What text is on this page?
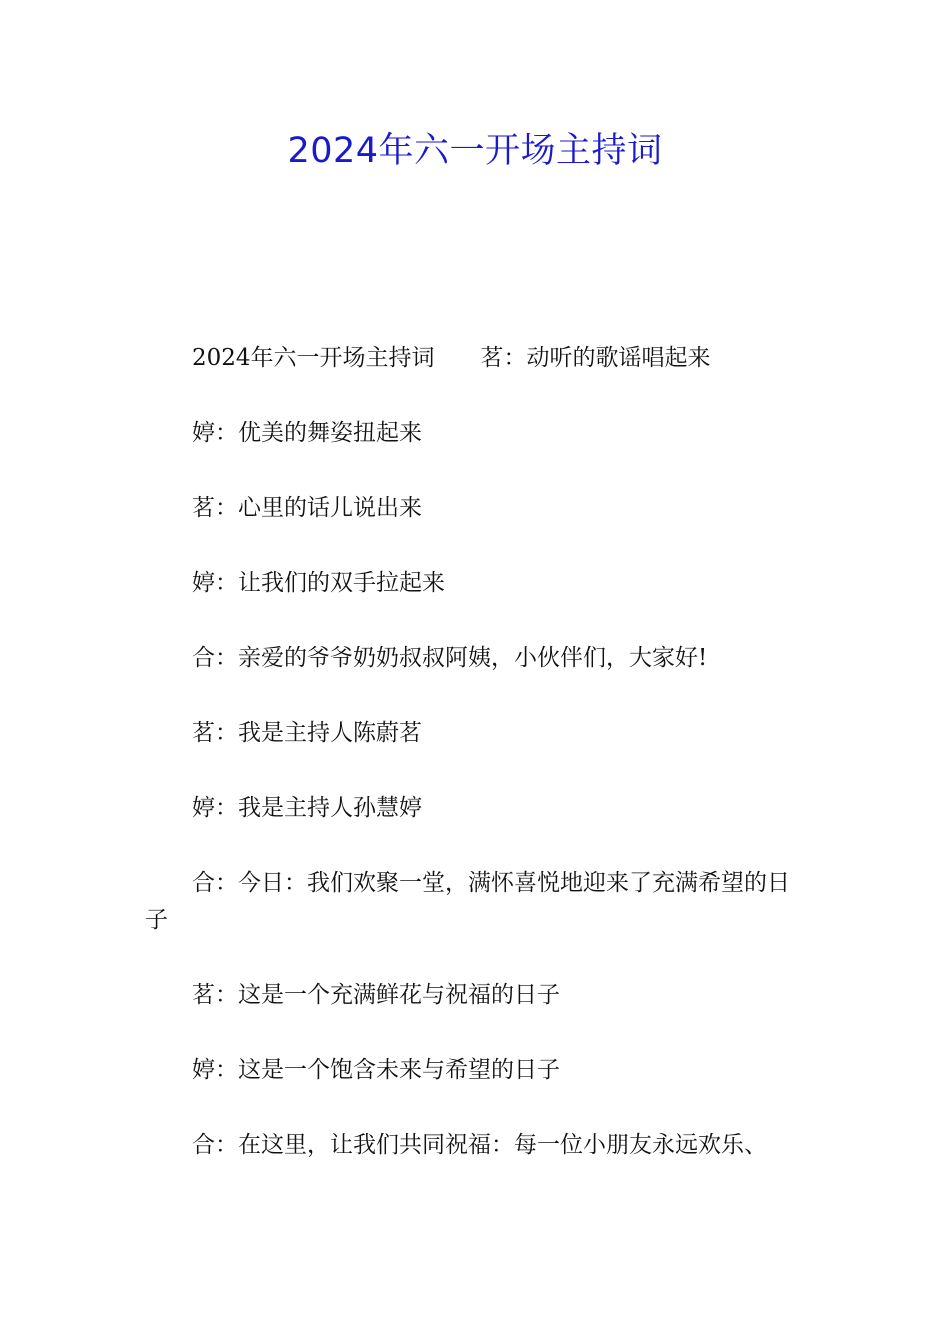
2024年六一开场主持词

2024年六一开场主持词　　茗：动听的歌谣唱起来

婷：优美的舞姿扭起来

茗：心里的话儿说出来

婷：让我们的双手拉起来

合：亲爱的爷爷奶奶叔叔阿姨，小伙伴们，大家好!

茗：我是主持人陈蔚茗

婷：我是主持人孙慧婷

合：今日：我们欢聚一堂，满怀喜悦地迎来了充满希望的日子

茗：这是一个充满鲜花与祝福的日子

婷：这是一个饱含未来与希望的日子

合：在这里，让我们共同祝福：每一位小朋友永远欢乐、
